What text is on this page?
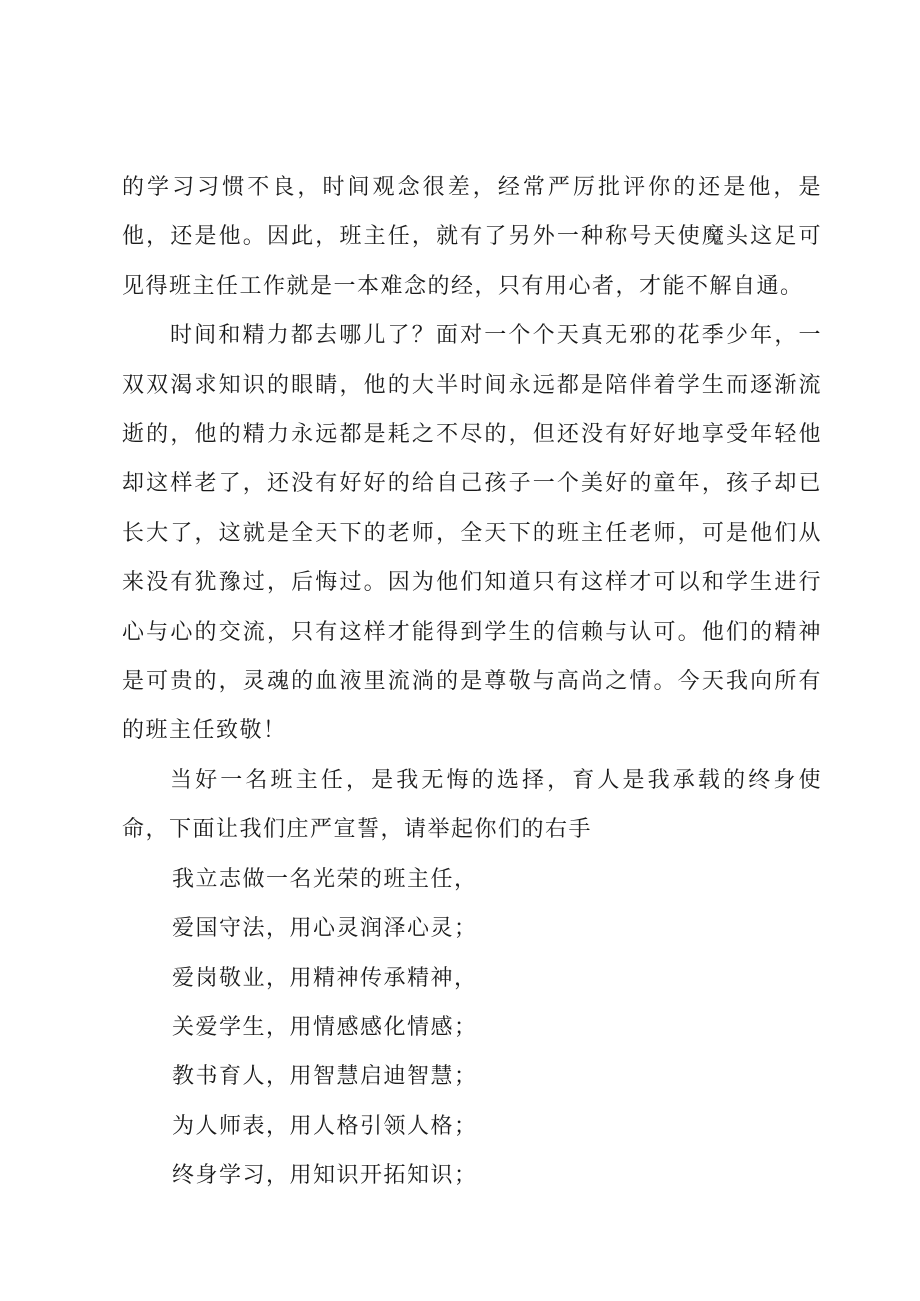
的学习习惯不良，时间观念很差，经常严厉批评你的还是他，是他，还是他。因此，班主任，就有了另外一种称号天使魔头这足可见得班主任工作就是一本难念的经，只有用心者，才能不解自通。

时间和精力都去哪儿了？面对一个个天真无邪的花季少年，一双双渴求知识的眼睛，他的大半时间永远都是陪伴着学生而逐渐流逝的，他的精力永远都是耗之不尽的，但还没有好好地享受年轻他却这样老了，还没有好好的给自己孩子一个美好的童年，孩子却已长大了，这就是全天下的老师，全天下的班主任老师，可是他们从来没有犹豫过，后悔过。因为他们知道只有这样才可以和学生进行心与心的交流，只有这样才能得到学生的信赖与认可。他们的精神是可贵的，灵魂的血液里流淌的是尊敬与高尚之情。今天我向所有的班主任致敬！

当好一名班主任，是我无悔的选择，育人是我承载的终身使命，下面让我们庄严宣誓，请举起你们的右手

我立志做一名光荣的班主任，

爱国守法，用心灵润泽心灵；

爱岗敬业，用精神传承精神，

关爱学生，用情感感化情感；

教书育人，用智慧启迪智慧；

为人师表，用人格引领人格；

终身学习，用知识开拓知识；
